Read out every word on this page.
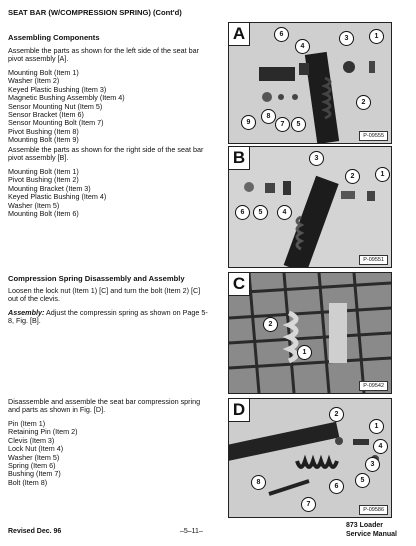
SEAT BAR (W/COMPRESSION SPRING) (Cont'd)
Assembling Components
Assemble the parts as shown for the left side of the seat bar pivot assembly [A].
Mounting Bolt (Item 1)
Washer (Item 2)
Keyed Plastic Bushing (Item 3)
Magnetic Bushing Assembly (Item 4)
Sensor Mounting Nut (Item 5)
Sensor Bracket (Item 6)
Sensor Mounting Bolt (Item 7)
Pivot Bushing (Item 8)
Mounting Bolt (Item 9)
Assemble the parts as shown for the right side of the seat bar pivot assembly [B].
Mounting Bolt (Item 1)
Pivot Bushing (Item 2)
Mounting Bracket (Item 3)
Keyed Plastic Bushing (Item 4)
Washer (Item 5)
Mounting Bolt (Item 6)
Compression Spring Disassembly and Assembly
Loosen the lock nut (Item 1) [C] and turn the bolt (Item 2) [C] out of the clevis.
Assembly: Adjust the compressin spring as shown on Page 5-8, Fig. [B].
Disassemble and assemble the seat bar compression spring and parts as shown in Fig. [D].
Pin (Item 1)
Retaining Pin (Item 2)
Clevis (Item 3)
Lock Nut (Item 4)
Washer (Item 5)
Spring (Item 6)
Bushing (Item 7)
Bolt (Item 8)
A	6
4
3	1
2
9
8
7	5
P-09555
B	3
1
2
6	5	4
P-09551
C
2
1
P-09542
D	2
1
4
3
5
6
8
7
P-09586
Revised Dec. 96	–5–11–
873 Loader
Service Manual
